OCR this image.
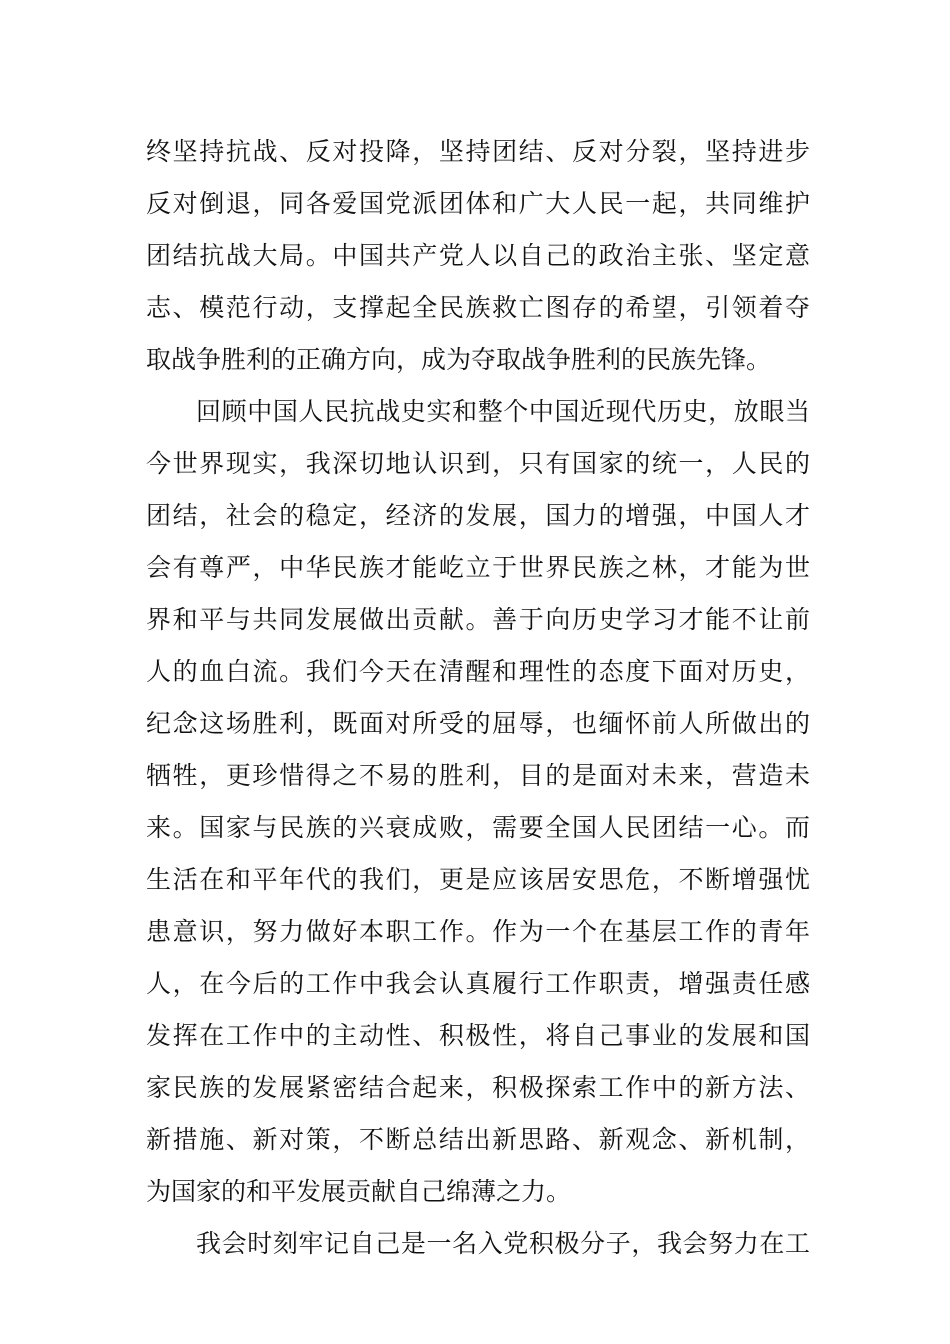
终坚持抗战、反对投降，坚持团结、反对分裂，坚持进步
反对倒退，同各爱国党派团体和广大人民一起，共同维护
团结抗战大局。中国共产党人以自己的政治主张、坚定意
志、模范行动，支撑起全民族救亡图存的希望，引领着夺
取战争胜利的正确方向，成为夺取战争胜利的民族先锋。
回顾中国人民抗战史实和整个中国近现代历史，放眼当
今世界现实，我深切地认识到，只有国家的统一，人民的
团结，社会的稳定，经济的发展，国力的增强，中国人才
会有尊严，中华民族才能屹立于世界民族之林，才能为世
界和平与共同发展做出贡献。善于向历史学习才能不让前
人的血白流。我们今天在清醒和理性的态度下面对历史，
纪念这场胜利，既面对所受的屈辱，也缅怀前人所做出的
牺牲，更珍惜得之不易的胜利，目的是面对未来，营造未
来。国家与民族的兴衰成败，需要全国人民团结一心。而
生活在和平年代的我们，更是应该居安思危，不断增强忧
患意识，努力做好本职工作。作为一个在基层工作的青年
人，在今后的工作中我会认真履行工作职责，增强责任感
发挥在工作中的主动性、积极性，将自己事业的发展和国
家民族的发展紧密结合起来，积极探索工作中的新方法、
新措施、新对策，不断总结出新思路、新观念、新机制，
为国家的和平发展贡献自己绵薄之力。
我会时刻牢记自己是一名入党积极分子，我会努力在工
